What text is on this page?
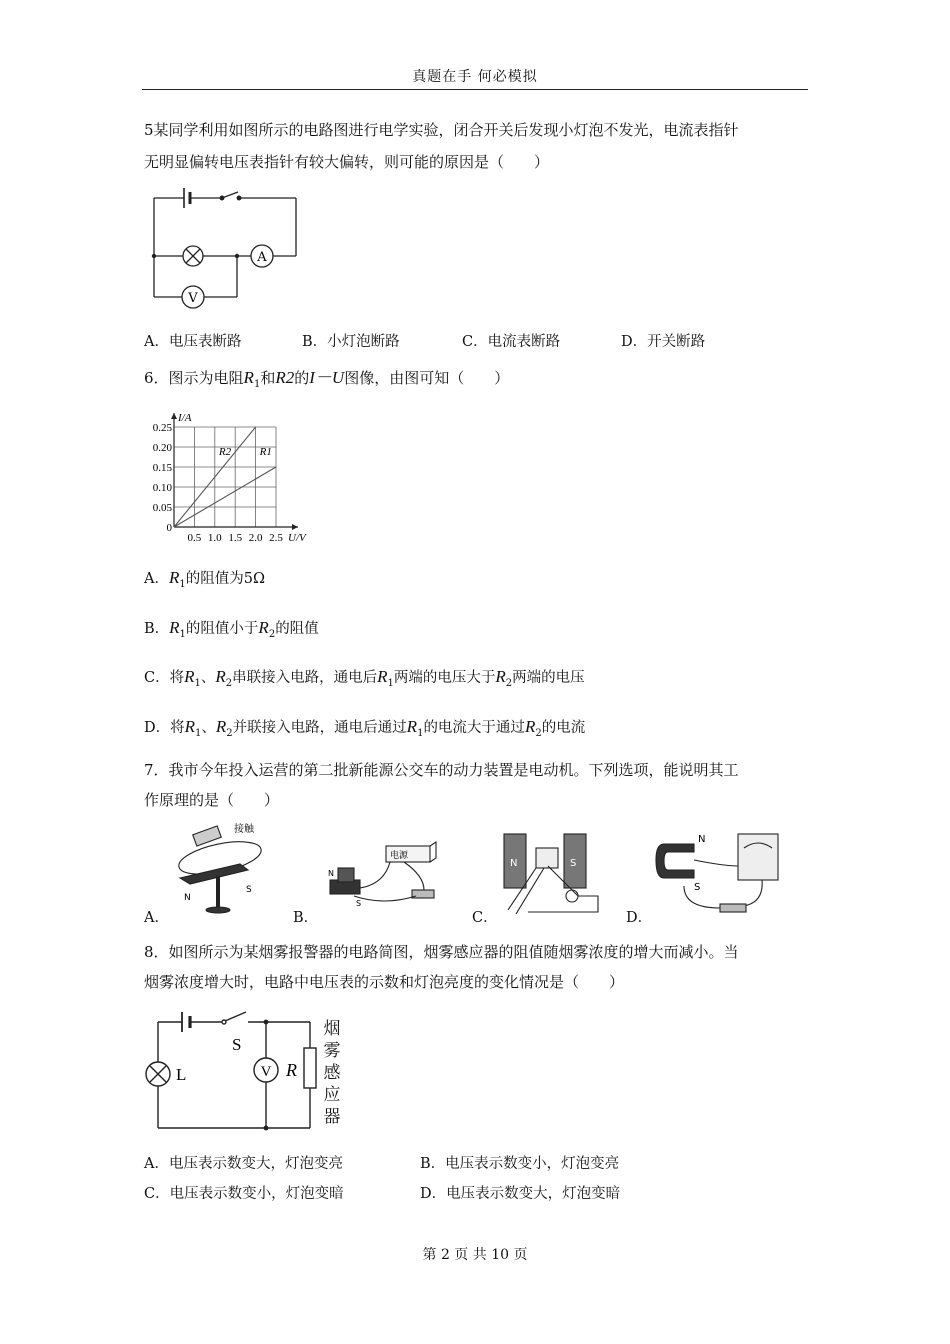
真题在手 何必模拟
5某同学利用如图所示的电路图进行电学实验，闭合开关后发现小灯泡不发光，电流表指针
无明显偏转电压表指针有较大偏转，则可能的原因是（　　）
A
V
A．电压表断路	B．小灯泡断路	C．电流表断路	D．开关断路
6．图示为电阻$R_1$和R2的I－U图像，由图可知（　　）
R2	R1
0.25
0.20
0.15
0.10
0.05
0
0.5 1.0 1.5 2.0 2.5
I/A
U/V
A．$R_1$的阻值为5Ω
B．$R_1$的阻值小于$R_2$的阻值
C．将$R_1$、$R_2$串联接入电路，通电后$R_1$两端的电压大于$R_2$两端的电压
D．将$R_1$、$R_2$并联接入电路，通电后通过$R_1$的电流大于通过$R_2$的电流
7．我市今年投入运营的第二批新能源公交车的动力装置是电动机。下列选项，能说明其工
作原理的是（　　）
接触
N
S
A．
电源
N
S
B．
N	S
C．
N
S
D．
8．如图所示为某烟雾报警器的电路简图，烟雾感应器的阻值随烟雾浓度的增大而减小。当
烟雾浓度增大时，电路中电压表的示数和灯泡亮度的变化情况是（　　）
S
L	V R
烟雾感应器
A．电压表示数变大，灯泡变亮	B．电压表示数变小，灯泡变亮
C．电压表示数变小，灯泡变暗	D．电压表示数变大，灯泡变暗
第 2 页 共 10 页
